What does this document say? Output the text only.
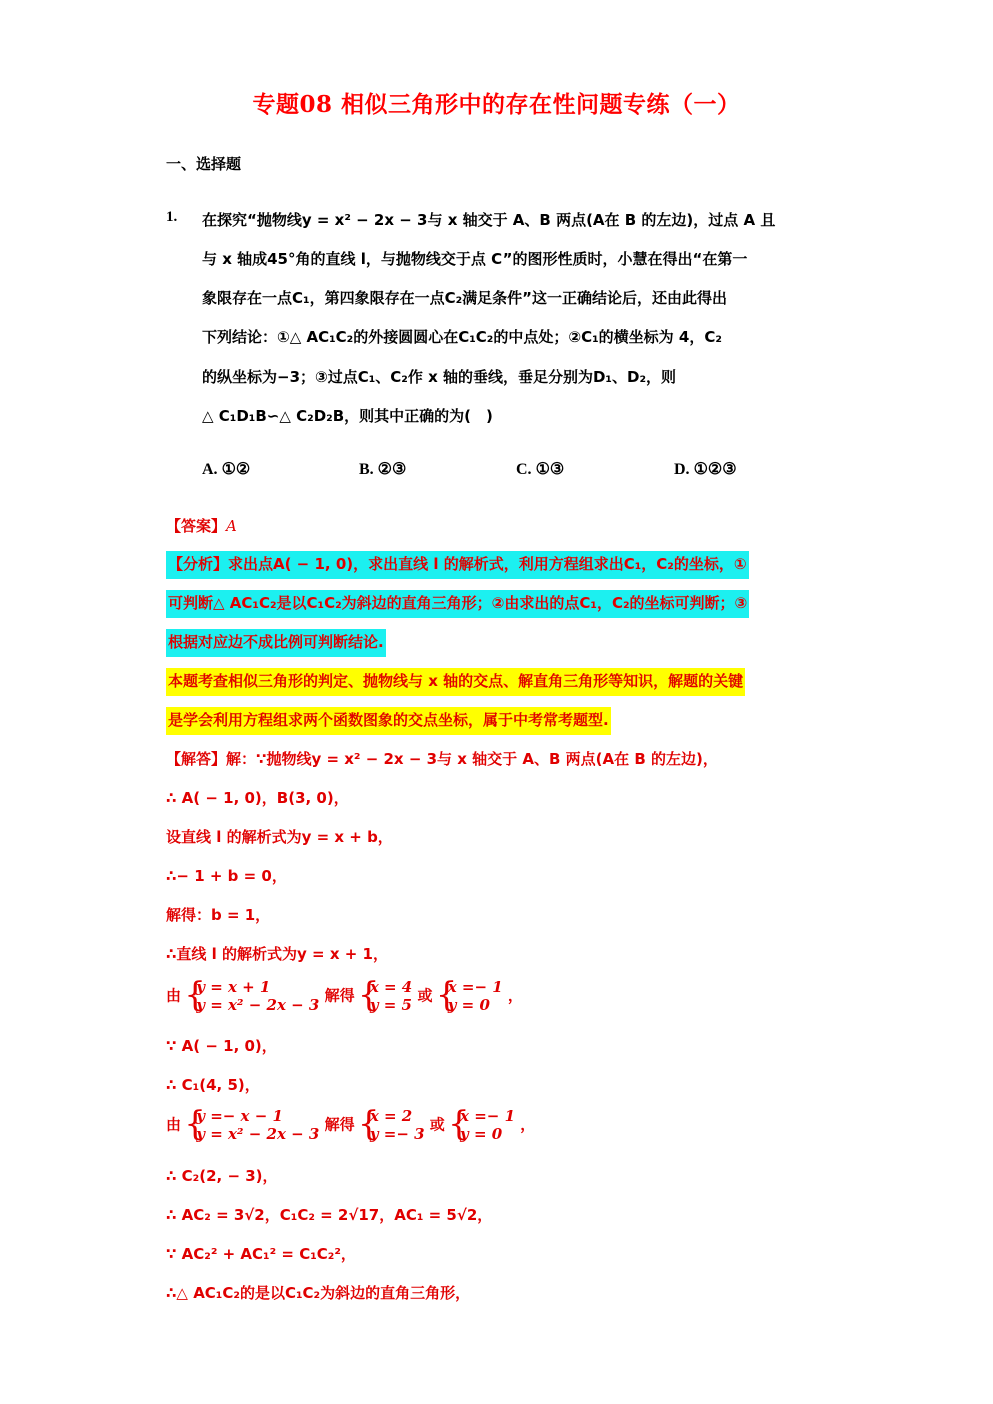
专题08 相似三角形中的存在性问题专练（一）
一、选择题
1. 在探究“抛物线y = x² − 2x − 3与 x 轴交于 A、B 两点(A在 B 的左边)，过点 A 且
与 x 轴成45°角的直线 l，与抛物线交于点 C”的图形性质时，小慧在得出“在第一
象限存在一点C₁，第四象限存在一点C₂满足条件”这一正确结论后，还由此得出
下列结论：①△ AC₁C₂的外接圆圆心在C₁C₂的中点处；②C₁的横坐标为 4，C₂
的纵坐标为−3；③过点C₁、C₂作 x 轴的垂线，垂足分别为D₁、D₂，则
△ C₁D₁B∽△ C₂D₂B，则其中正确的为(　)
A. ①②	B. ②③	C. ①③	D. ①②③
【答案】A
【分析】求出点A( − 1, 0)，求出直线 l 的解析式，利用方程组求出C₁，C₂的坐标，①
可判断△ AC₁C₂是以C₁C₂为斜边的直角三角形；②由求出的点C₁，C₂的坐标可判断；③
根据对应边不成比例可判断结论.
本题考查相似三角形的判定、抛物线与 x 轴的交点、解直角三角形等知识，解题的关键
是学会利用方程组求两个函数图象的交点坐标，属于中考常考题型.
【解答】解：∵抛物线y = x² − 2x − 3与 x 轴交于 A、B 两点(A在 B 的左边)，
∴ A( − 1, 0)，B(3, 0)，
设直线 l 的解析式为y = x + b，
∴− 1 + b = 0，
解得：b = 1，
∴直线 l 的解析式为y = x + 1，
由 { y = x + 1
y = x² − 2x − 3
解得 { x = 4
y = 5
或 { x =− 1
y = 0
，
∵ A( − 1, 0)，
∴ C₁(4, 5)，
由 { y =− x − 1
y = x² − 2x − 3
解得 { x = 2
y =− 3
或 { x =− 1
y = 0
，
∴ C₂(2, − 3)，
∴ AC₂ = 3√2，C₁C₂ = 2√17，AC₁ = 5√2，
∵ AC₂² + AC₁² = C₁C₂²，
∴△ AC₁C₂的是以C₁C₂为斜边的直角三角形，
